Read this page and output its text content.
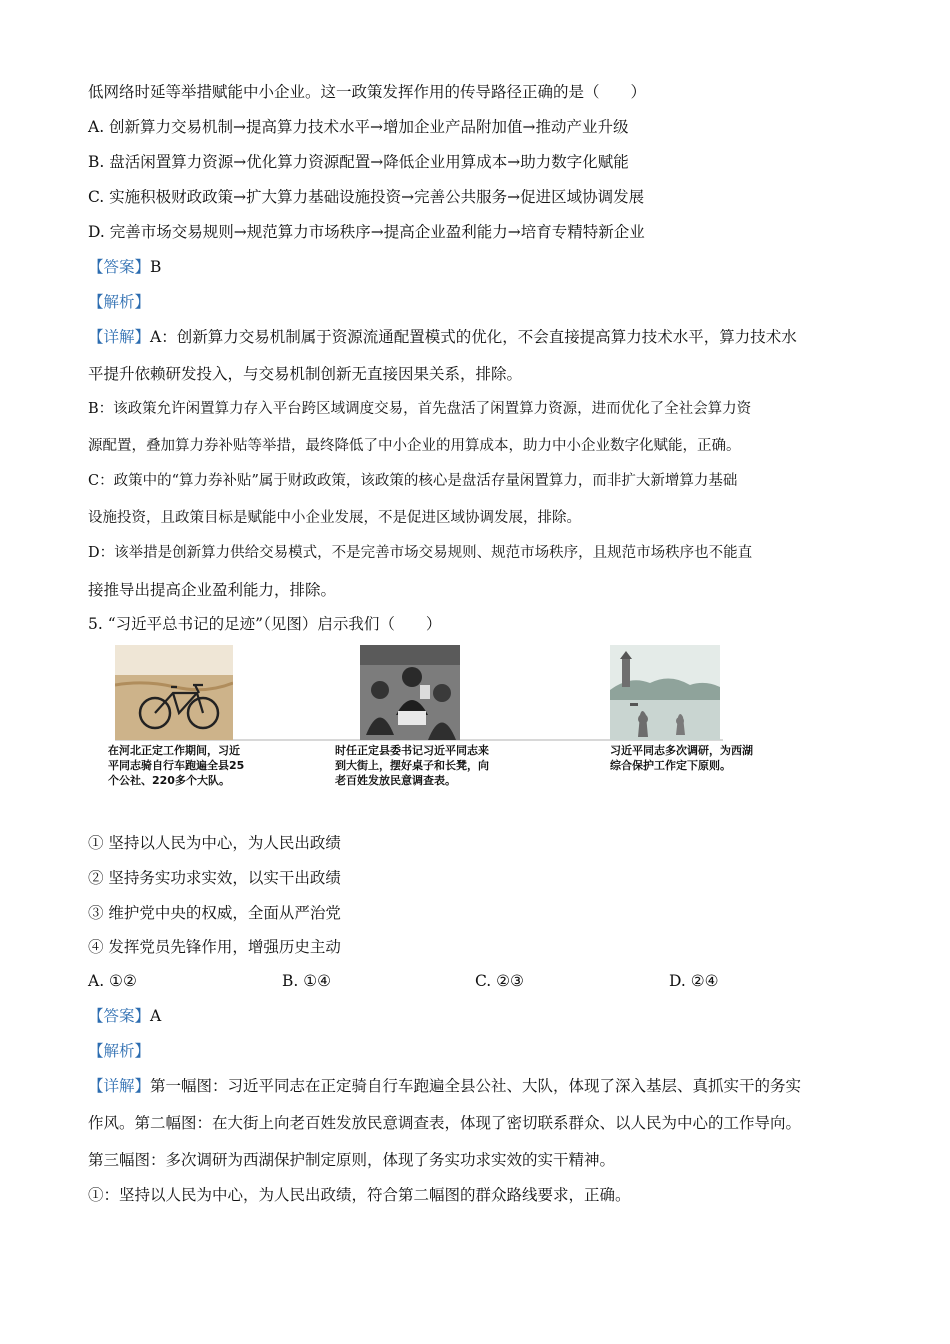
低网络时延等举措赋能中小企业。这一政策发挥作用的传导路径正确的是（　　）
A. 创新算力交易机制→提高算力技术水平→增加企业产品附加值→推动产业升级
B. 盘活闲置算力资源→优化算力资源配置→降低企业用算成本→助力数字化赋能
C. 实施积极财政政策→扩大算力基础设施投资→完善公共服务→促进区域协调发展
D. 完善市场交易规则→规范算力市场秩序→提高企业盈利能力→培育专精特新企业
【答案】B
【解析】
【详解】A：创新算力交易机制属于资源流通配置模式的优化，不会直接提高算力技术水平，算力技术水
平提升依赖研发投入，与交易机制创新无直接因果关系，排除。
B：该政策允许闲置算力存入平台跨区域调度交易，首先盘活了闲置算力资源，进而优化了全社会算力资
源配置，叠加算力券补贴等举措，最终降低了中小企业的用算成本，助力中小企业数字化赋能，正确。
C：政策中的“算力券补贴”属于财政政策，该政策的核心是盘活存量闲置算力，而非扩大新增算力基础
设施投资，且政策目标是赋能中小企业发展，不是促进区域协调发展，排除。
D：该举措是创新算力供给交易模式，不是完善市场交易规则、规范市场秩序，且规范市场秩序也不能直
接推导出提高企业盈利能力，排除。
5. “习近平总书记的足迹”（见图）启示我们（　　）
在河北正定工作期间，习近
平同志骑自行车跑遍全县25
个公社、220多个大队。
时任正定县委书记习近平同志来
到大街上，摆好桌子和长凳，向
老百姓发放民意调查表。
习近平同志多次调研，为西湖
综合保护工作定下原则。
① 坚持以人民为中心，为人民出政绩
② 坚持务实功求实效，以实干出政绩
③ 维护党中央的权威，全面从严治党
④ 发挥党员先锋作用，增强历史主动
A. ①②	B. ①④	C. ②③	D. ②④
【答案】A
【解析】
【详解】第一幅图：习近平同志在正定骑自行车跑遍全县公社、大队，体现了深入基层、真抓实干的务实
作风。第二幅图：在大街上向老百姓发放民意调查表，体现了密切联系群众、以人民为中心的工作导向。
第三幅图：多次调研为西湖保护制定原则，体现了务实功求实效的实干精神。
①：坚持以人民为中心，为人民出政绩，符合第二幅图的群众路线要求，正确。
